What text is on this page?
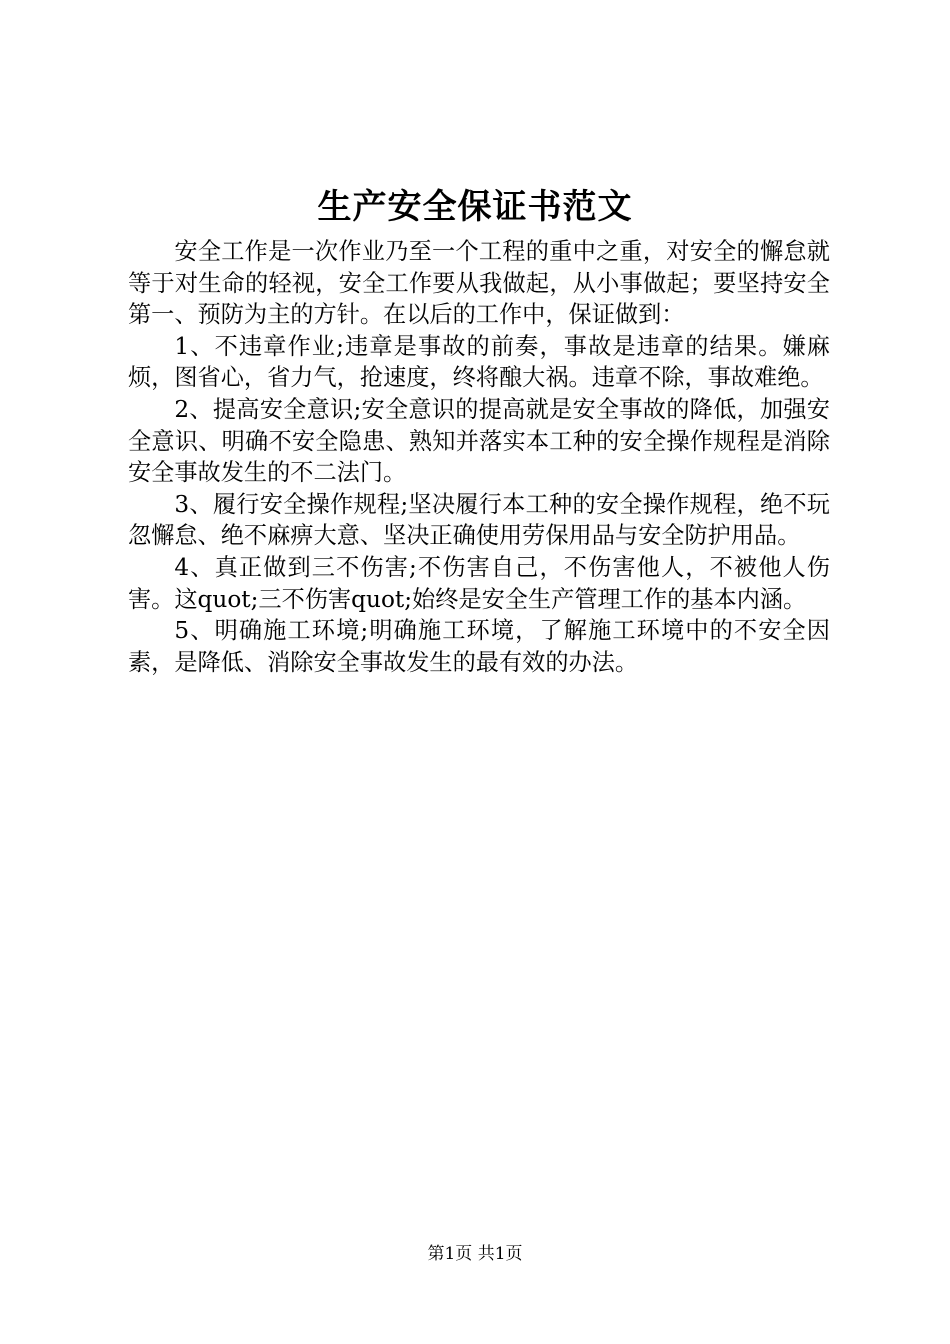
生产安全保证书范文

安全工作是一次作业乃至一个工程的重中之重，对安全的懈怠就等于对生命的轻视，安全工作要从我做起，从小事做起；要坚持安全第一、预防为主的方针。在以后的工作中，保证做到：

1、不违章作业;违章是事故的前奏，事故是违章的结果。嫌麻烦，图省心，省力气，抢速度，终将酿大祸。违章不除，事故难绝。

2、提高安全意识;安全意识的提高就是安全事故的降低，加强安全意识、明确不安全隐患、熟知并落实本工种的安全操作规程是消除安全事故发生的不二法门。

3、履行安全操作规程;坚决履行本工种的安全操作规程，绝不玩忽懈怠、绝不麻痹大意、坚决正确使用劳保用品与安全防护用品。

4、真正做到三不伤害;不伤害自己，不伤害他人，不被他人伤害。这quot;三不伤害quot;始终是安全生产管理工作的基本内涵。

5、明确施工环境;明确施工环境，了解施工环境中的不安全因素，是降低、消除安全事故发生的最有效的办法。

第1页 共1页
